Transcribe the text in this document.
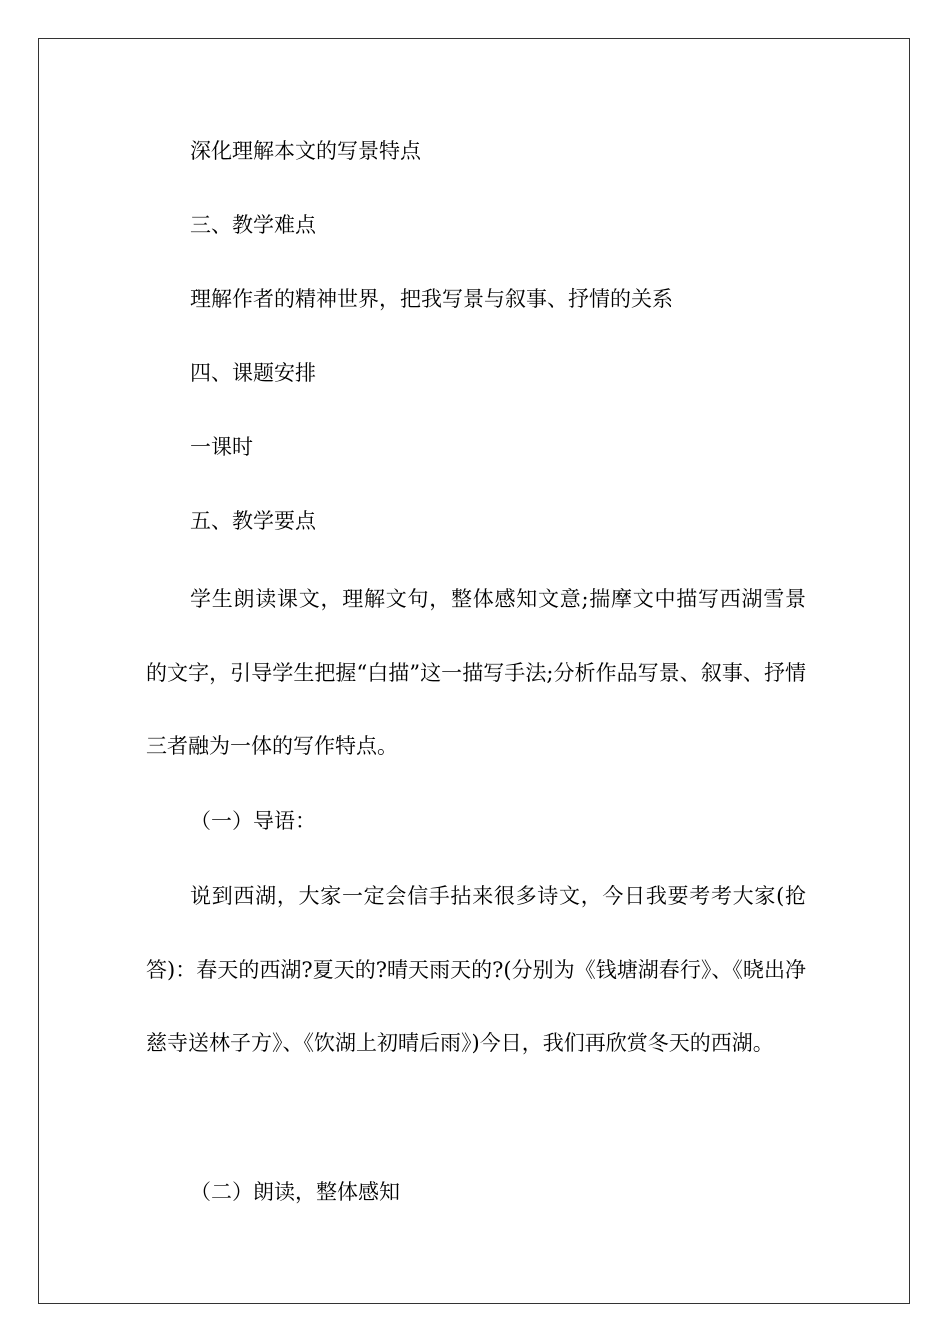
深化理解本文的写景特点

三、教学难点

理解作者的精神世界，把我写景与叙事、抒情的关系

四、课题安排

一课时

五、教学要点

学生朗读课文，理解文句，整体感知文意;揣摩文中描写西湖雪景的文字，引导学生把握“白描”这一描写手法;分析作品写景、叙事、抒情三者融为一体的写作特点。

（一）导语：

说到西湖，大家一定会信手拈来很多诗文，今日我要考考大家(抢答)：春天的西湖?夏天的?晴天雨天的?(分别为《钱塘湖春行》、《晓出净慈寺送林子方》、《饮湖上初晴后雨》)今日，我们再欣赏冬天的西湖。

（二）朗读，整体感知
